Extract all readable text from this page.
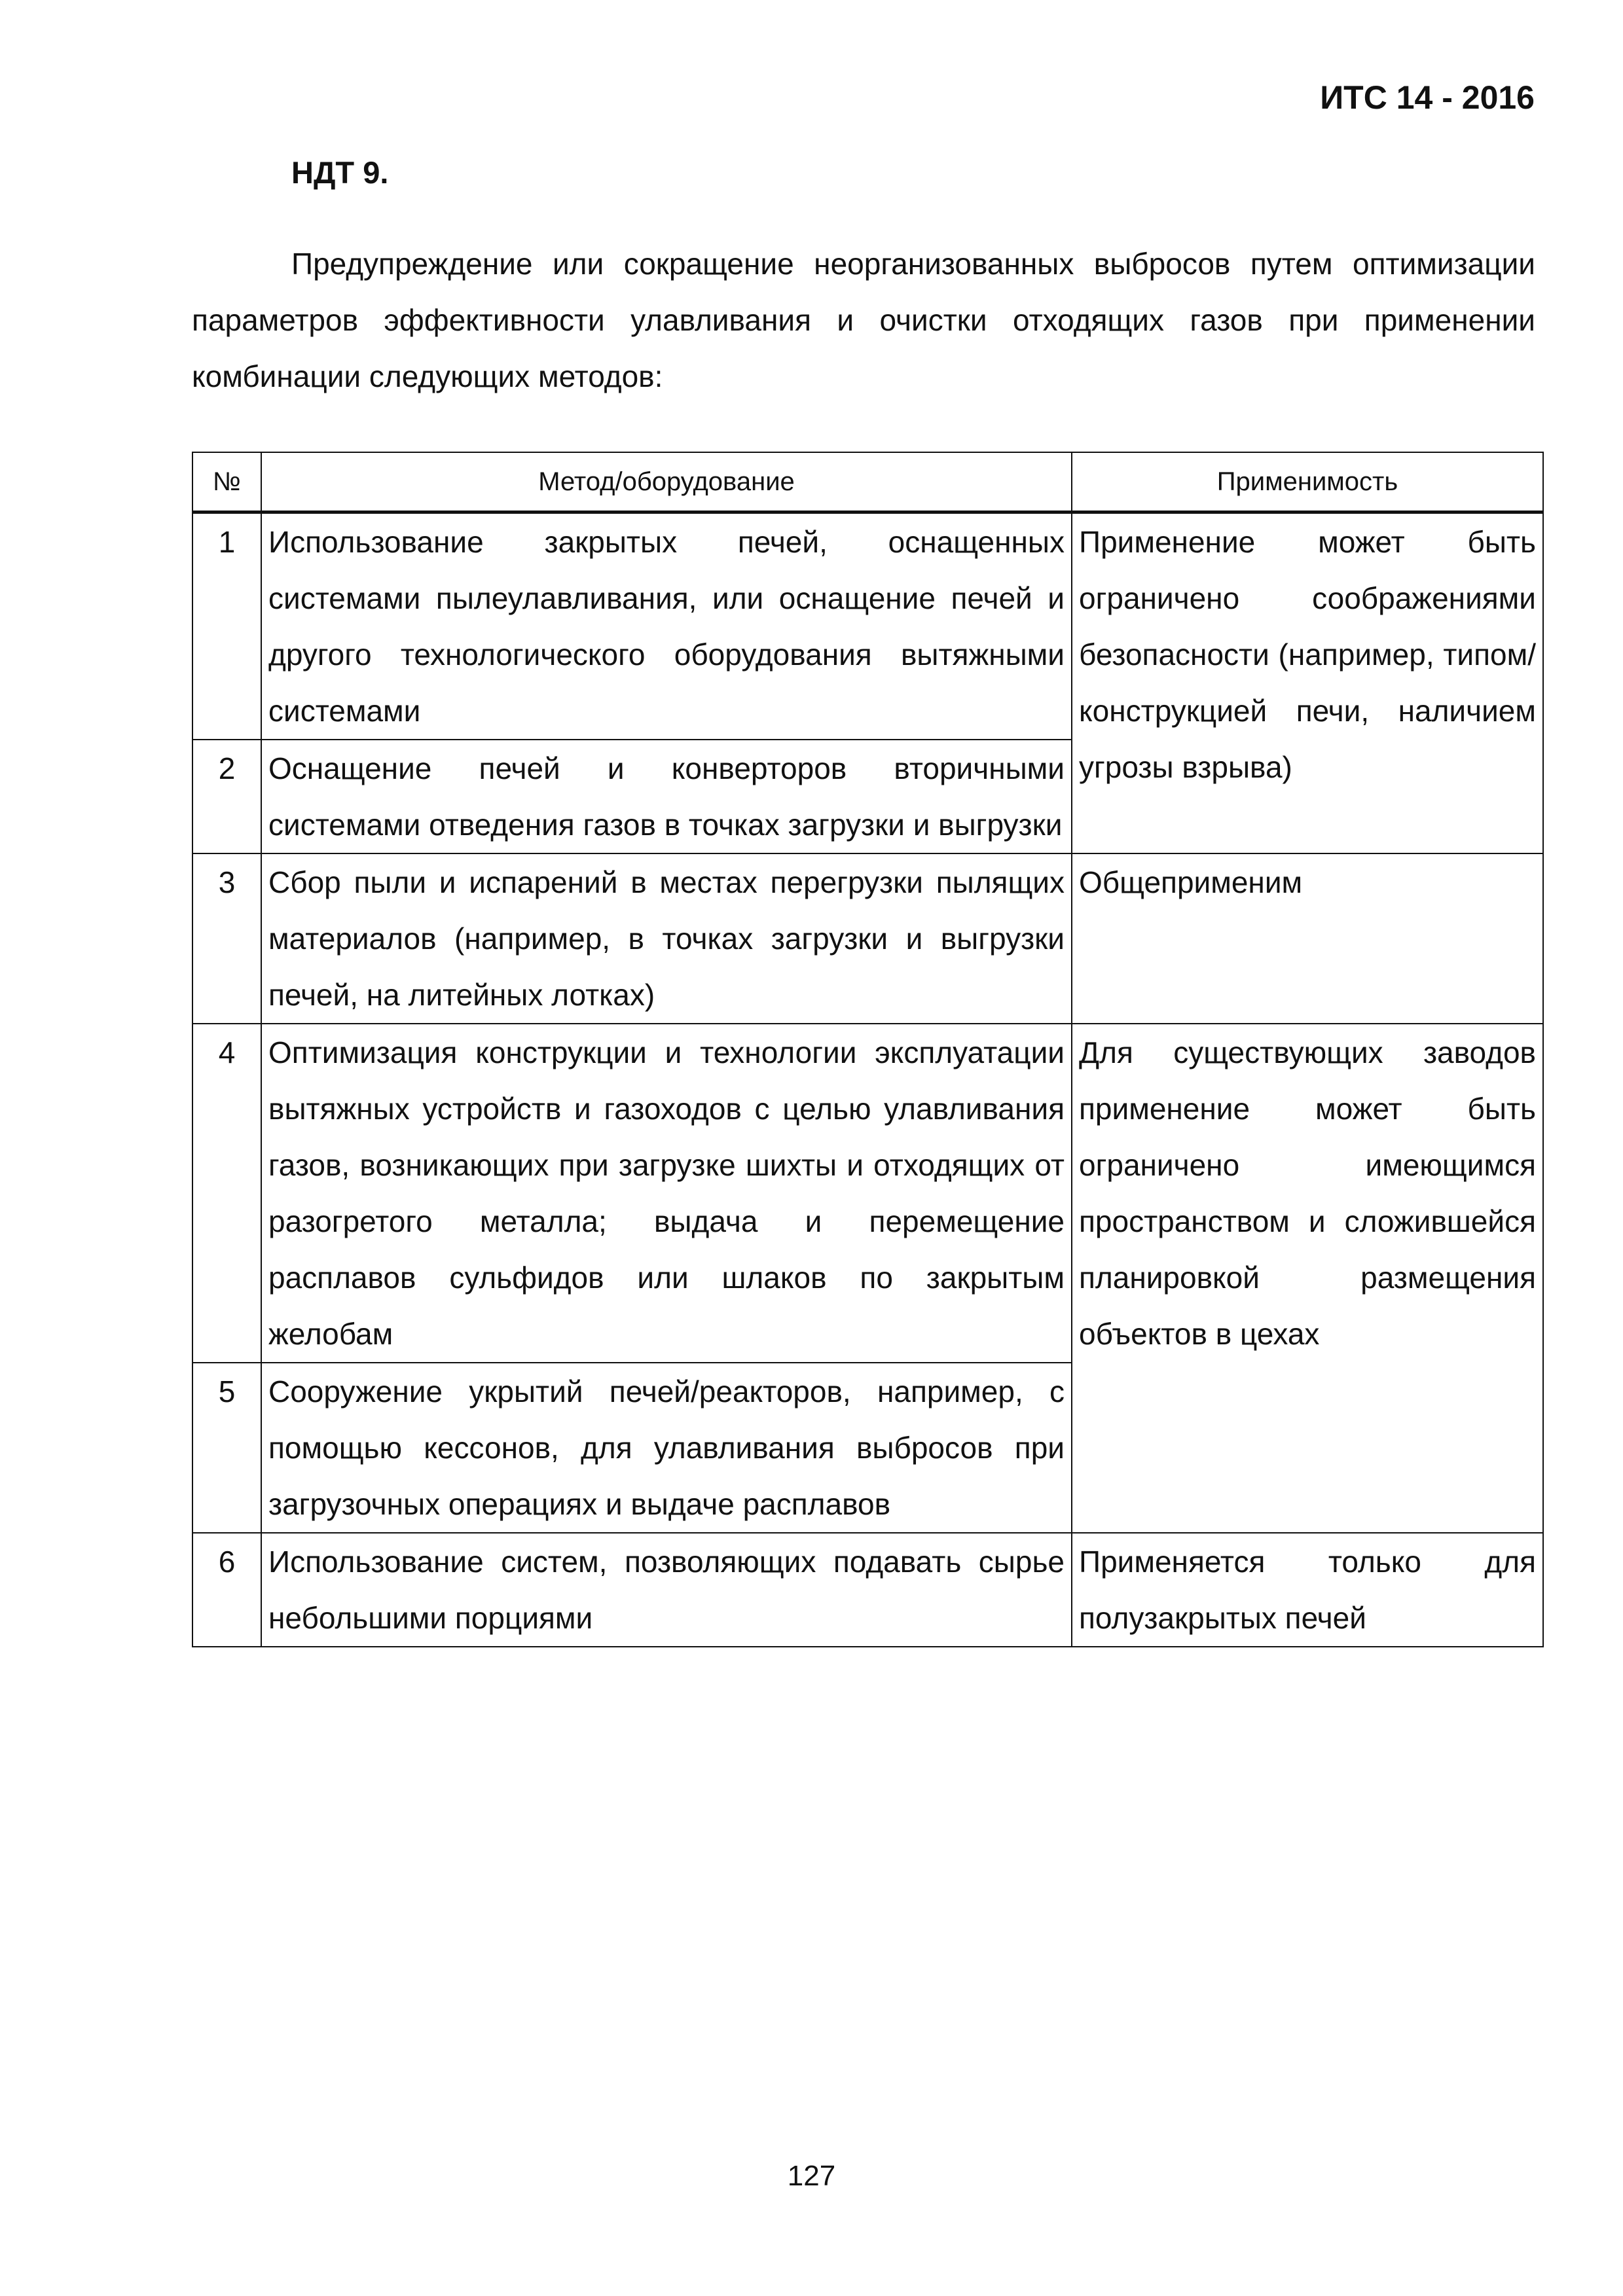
ИТС 14 - 2016
НДТ 9.

Предупреждение или сокращение неорганизованных выбросов путем оптимизации параметров эффективности улавливания и очистки отходящих газов при применении комбинации следующих методов:

№	Метод/оборудование	Применимость
1	Использование закрытых печей, оснащенных системами пылеулавливания, или оснащение печей и другого технологического оборудования вытяжными системами	Применение может быть ограничено соображениями безопасности (например, типом/конструкцией печи, наличием угрозы взрыва)
2	Оснащение печей и конверторов вторичными системами отведения газов в точках загрузки и выгрузки	
3	Сбор пыли и испарений в местах перегрузки пылящих материалов (например, в точках загрузки и выгрузки печей, на литейных лотках)	Общеприменим
4	Оптимизация конструкции и технологии эксплуатации вытяжных устройств и газоходов с целью улавливания газов, возникающих при загрузке шихты и отходящих от разогретого металла; выдача и перемещение расплавов сульфидов или шлаков по закрытым желобам	Для существующих заводов применение может быть ограничено имеющимся пространством и сложившейся планировкой размещения объектов в цехах
5	Сооружение укрытий печей/реакторов, например, с помощью кессонов, для улавливания выбросов при загрузочных операциях и выдаче расплавов	
6	Использование систем, позволяющих подавать сырье небольшими порциями	Применяется только для полузакрытых печей
127
